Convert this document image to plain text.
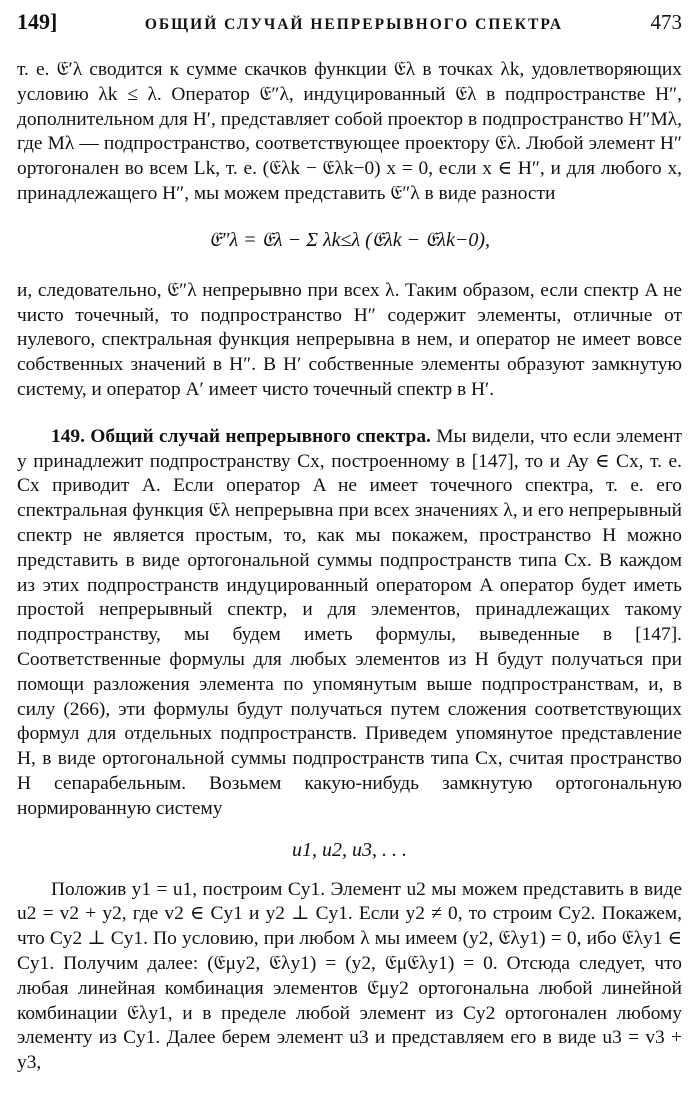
149]	ОБЩИЙ СЛУЧАЙ НЕПРЕРЫВНОГО СПЕКТРА	473

т. е. 𝔈′λ сводится к сумме скачков функции 𝔈λ в точках λk, удовлетворяющих условию λk ≤ λ. Оператор 𝔈″λ, индуцированный 𝔈λ в подпространстве H″, дополнительном для H′, представляет собой проектор в подпространство H″Mλ, где Mλ — подпространство, соответствующее проектору 𝔈λ. Любой элемент H″ ортогонален во всем Lk, т. е. (𝔈λk − 𝔈λk−0) x = 0, если x ∈ H″, и для любого x, принадлежащего H″, мы можем представить 𝔈″λ в виде разности

𝔈″λ = 𝔈λ − Σ λk≤λ (𝔈λk − 𝔈λk−0),

и, следовательно, 𝔈″λ непрерывно при всех λ. Таким образом, если спектр A не чисто точечный, то подпространство H″ содержит элементы, отличные от нулевого, спектральная функция непрерывна в нем, и оператор не имеет вовсе собственных значений в H″. В H′ собственные элементы образуют замкнутую систему, и оператор A′ имеет чисто точечный спектр в H′.

149. Общий случай непрерывного спектра. Мы видели, что если элемент y принадлежит подпространству Cx, построенному в [147], то и Ay ∈ Cx, т. е. Cx приводит A. Если оператор A не имеет точечного спектра, т. е. его спектральная функция 𝔈λ непрерывна при всех значениях λ, и его непрерывный спектр не является простым, то, как мы покажем, пространство H можно представить в виде ортогональной суммы подпространств типа Cx. В каждом из этих подпространств индуцированный оператором A оператор будет иметь простой непрерывный спектр, и для элементов, принадлежащих такому подпространству, мы будем иметь формулы, выведенные в [147]. Соответственные формулы для любых элементов из H будут получаться при помощи разложения элемента по упомянутым выше подпространствам, и, в силу (266), эти формулы будут получаться путем сложения соответствующих формул для отдельных подпространств. Приведем упомянутое представление H, в виде ортогональной суммы подпространств типа Cx, считая пространство H сепарабельным. Возьмем какую-нибудь замкнутую ортогональную нормированную систему

u1, u2, u3, . . .

Положив y1 = u1, построим Cy1. Элемент u2 мы можем представить в виде u2 = v2 + y2, где v2 ∈ Cy1 и y2 ⊥ Cy1. Если y2 ≠ 0, то строим Cy2. Покажем, что Cy2 ⊥ Cy1. По условию, при любом λ мы имеем (y2, 𝔈λy1) = 0, ибо 𝔈λy1 ∈ Cy1. Получим далее: (𝔈μy2, 𝔈λy1) = (y2, 𝔈μ𝔈λy1) = 0. Отсюда следует, что любая линейная комбинация элементов 𝔈μy2 ортогональна любой линейной комбинации 𝔈λy1, и в пределе любой элемент из Cy2 ортогонален любому элементу из Cy1. Далее берем элемент u3 и представляем его в виде u3 = v3 + y3,
